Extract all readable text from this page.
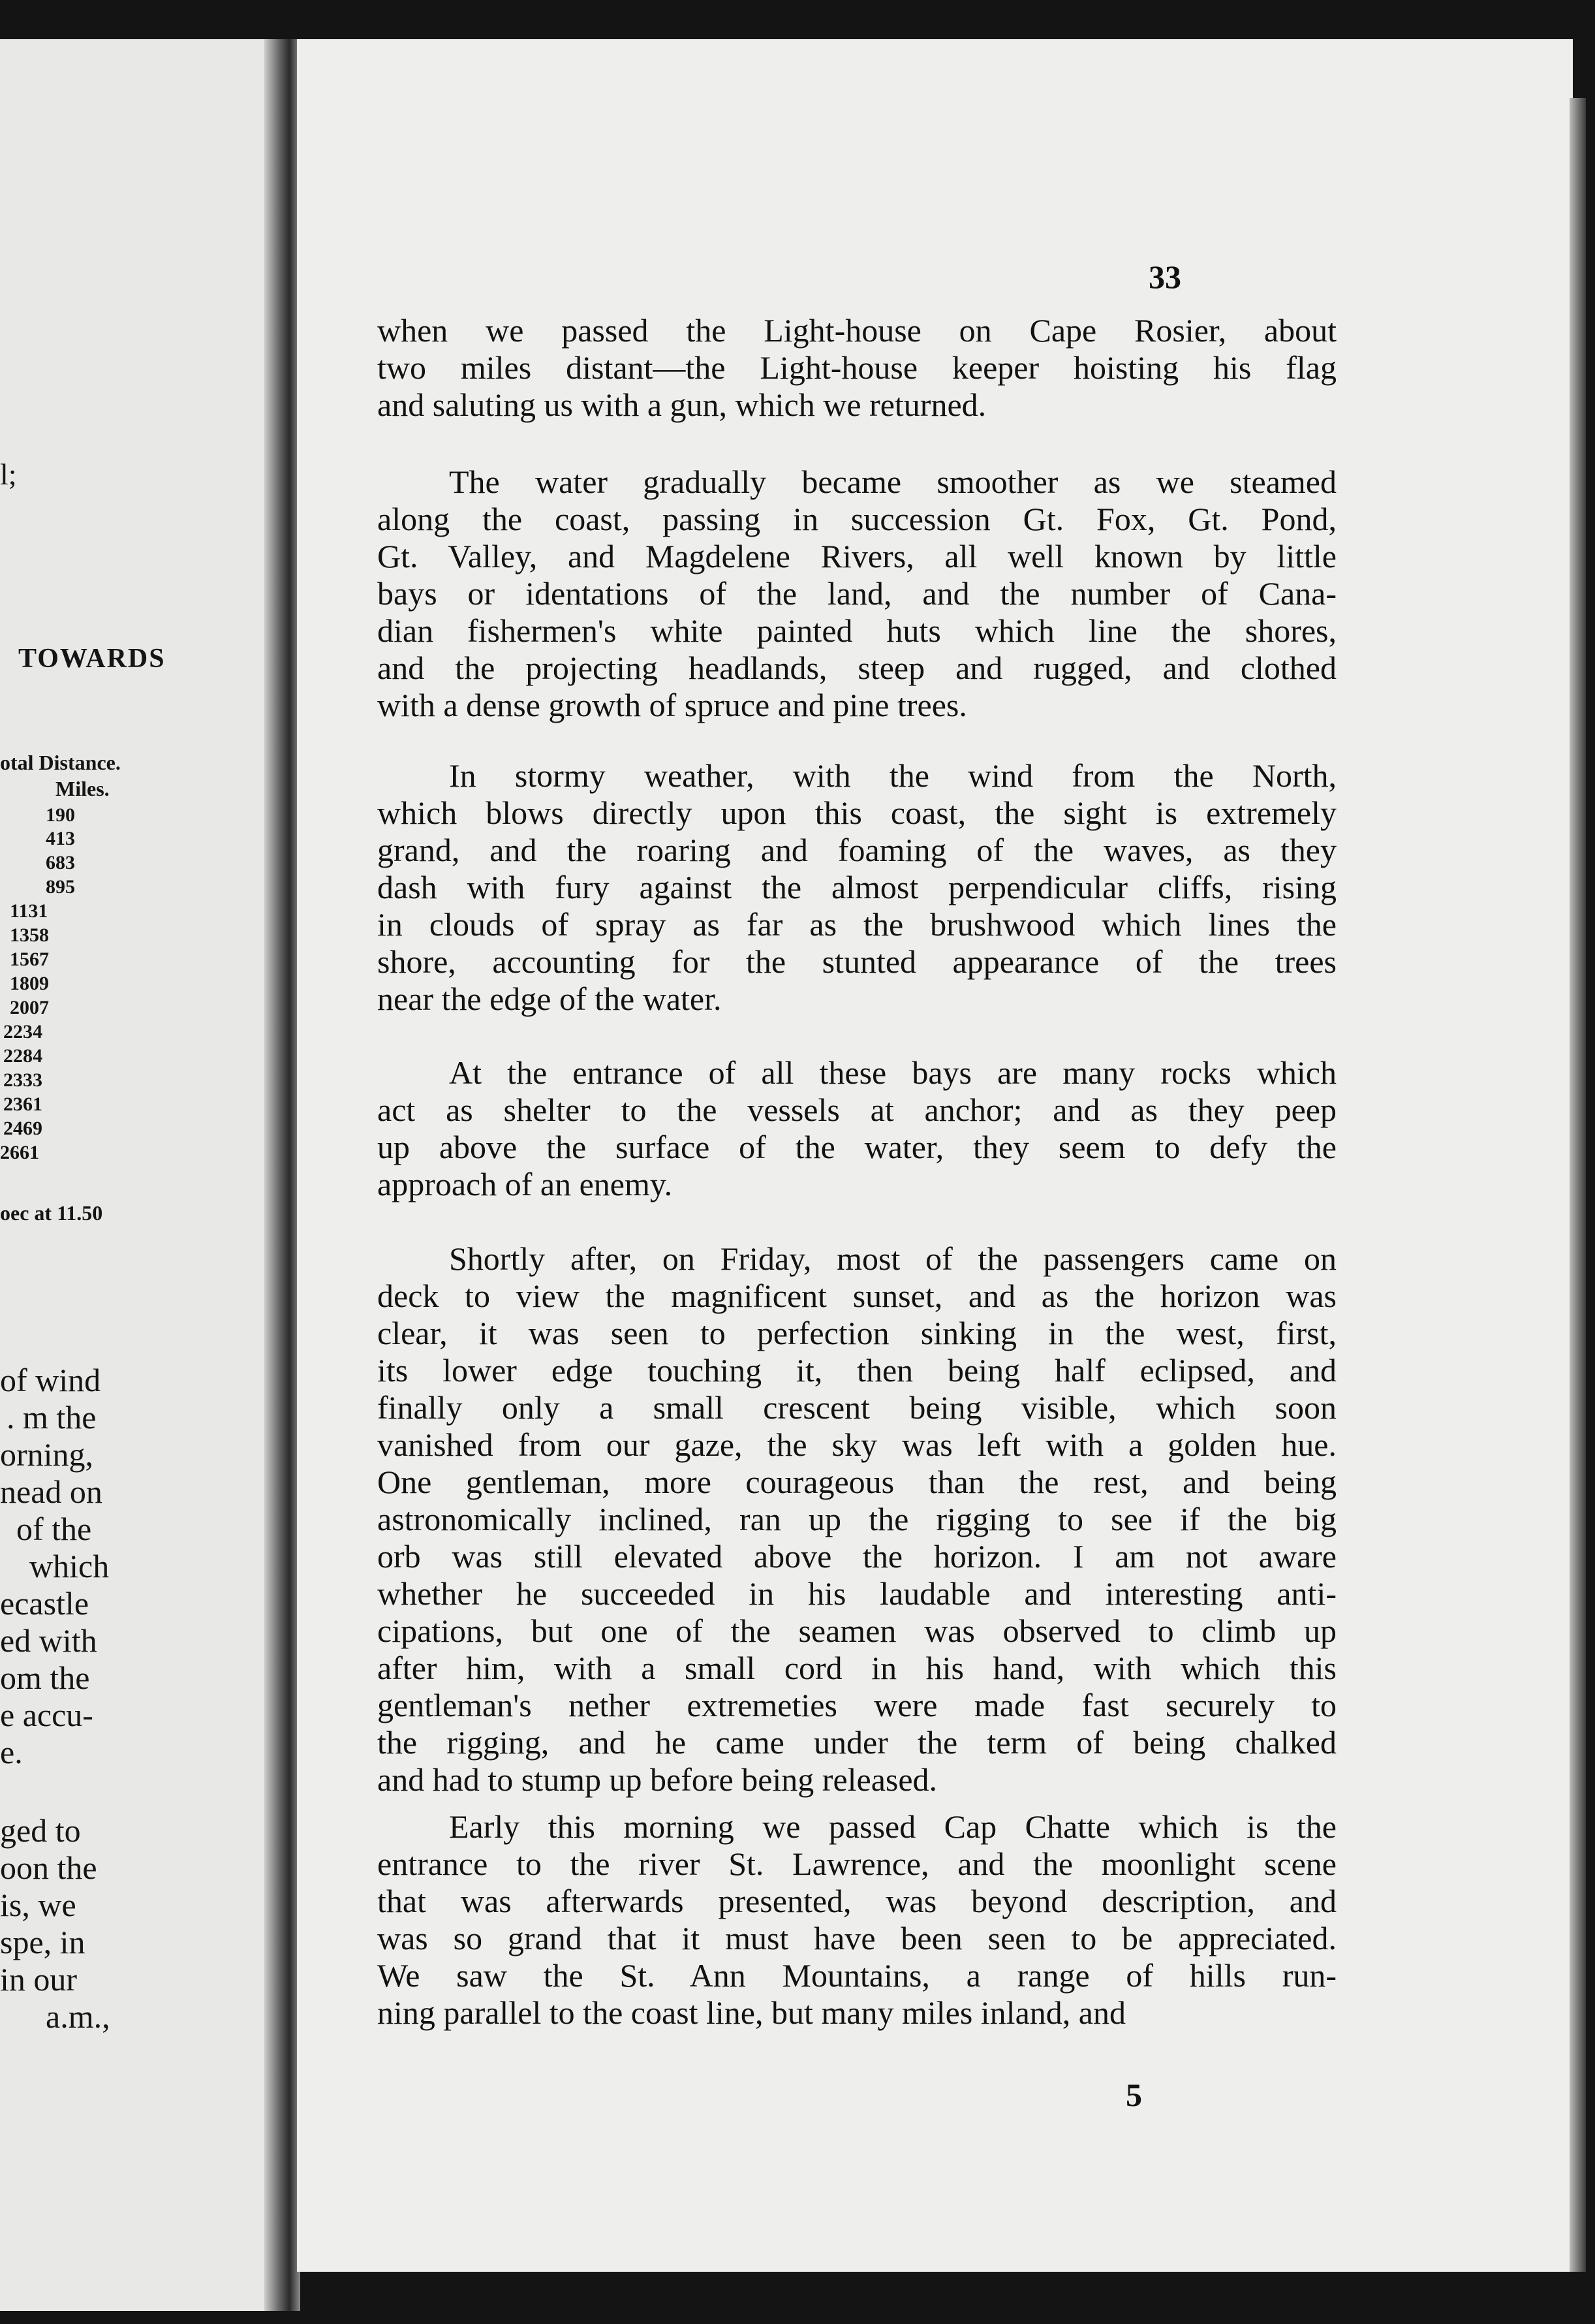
l;
TOWARDS
otal Distance.
Miles.
190
413
683
895
1131
1358
1567
1809
2007
2234
2284
2333
2361
2469
2661
oec at 11.50
of wind
. m the
orning,
nead on
of the
which
ecastle
ed with
om the
e accu-
e.
ged to
oon the
is, we
spe, in
in our
a.m.,
33
when we passed the Light-house on Cape Rosier, about
two miles distant—the Light-house keeper hoisting his flag
and saluting us with a gun, which we returned.
The water gradually became smoother as we steamed
along the coast, passing in succession Gt. Fox, Gt. Pond,
Gt. Valley, and Magdelene Rivers, all well known by little
bays or identations of the land, and the number of Cana-
dian fishermen's white painted huts which line the shores,
and the projecting headlands, steep and rugged, and clothed
with a dense growth of spruce and pine trees.
In stormy weather, with the wind from the North,
which blows directly upon this coast, the sight is extremely
grand, and the roaring and foaming of the waves, as they
dash with fury against the almost perpendicular cliffs, rising
in clouds of spray as far as the brushwood which lines the
shore, accounting for the stunted appearance of the trees
near the edge of the water.
At the entrance of all these bays are many rocks which
act as shelter to the vessels at anchor; and as they peep
up above the surface of the water, they seem to defy the
approach of an enemy.
Shortly after, on Friday, most of the passengers came on
deck to view the magnificent sunset, and as the horizon was
clear, it was seen to perfection sinking in the west, first,
its lower edge touching it, then being half eclipsed, and
finally only a small crescent being visible, which soon
vanished from our gaze, the sky was left with a golden hue.
One gentleman, more courageous than the rest, and being
astronomically inclined, ran up the rigging to see if the big
orb was still elevated above the horizon. I am not aware
whether he succeeded in his laudable and interesting anti-
cipations, but one of the seamen was observed to climb up
after him, with a small cord in his hand, with which this
gentleman's nether extremeties were made fast securely to
the rigging, and he came under the term of being chalked
and had to stump up before being released.
Early this morning we passed Cap Chatte which is the
entrance to the river St. Lawrence, and the moonlight scene
that was afterwards presented, was beyond description, and
was so grand that it must have been seen to be appreciated.
We saw the St. Ann Mountains, a range of hills run-
ning parallel to the coast line, but many miles inland, and
5
